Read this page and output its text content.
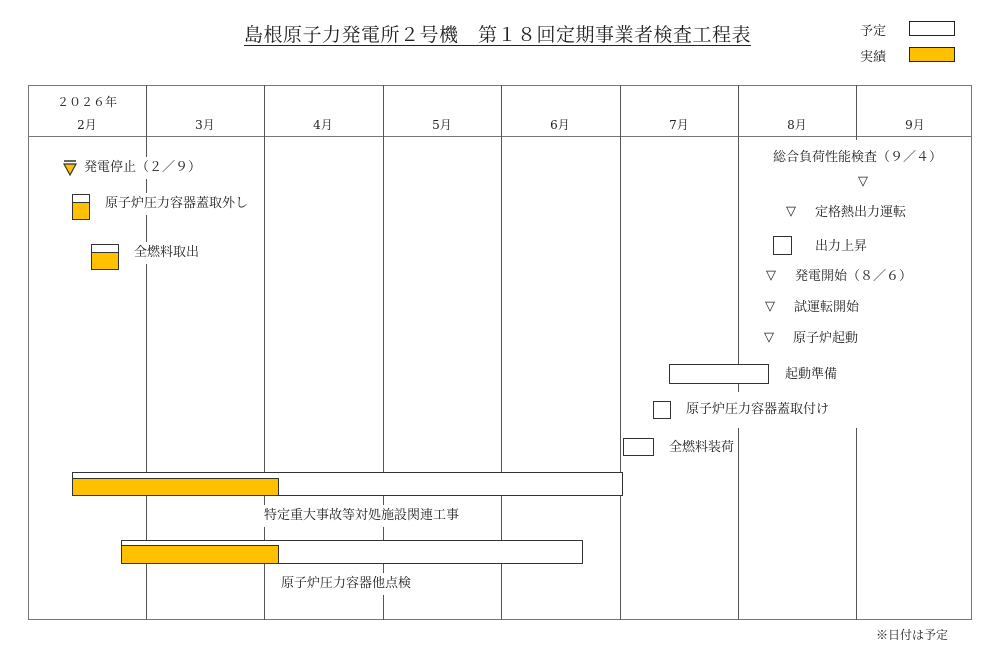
島根原子力発電所２号機　第１８回定期事業者検査工程表	予定
実績
２０２６年
2月	3月	4月	5月	6月	7月	8月	9月
発電停止（２／９）
原子炉圧力容器蓋取外し
全燃料取出
総合負荷性能検査（９／４）
▽
▽ 定格熱出力運転
出力上昇
▽ 発電開始（８／６）
▽ 試運転開始
▽ 原子炉起動
起動準備
原子炉圧力容器蓋取付け
全燃料装荷
特定重大事故等対処施設関連工事
原子炉圧力容器他点検
※日付は予定
